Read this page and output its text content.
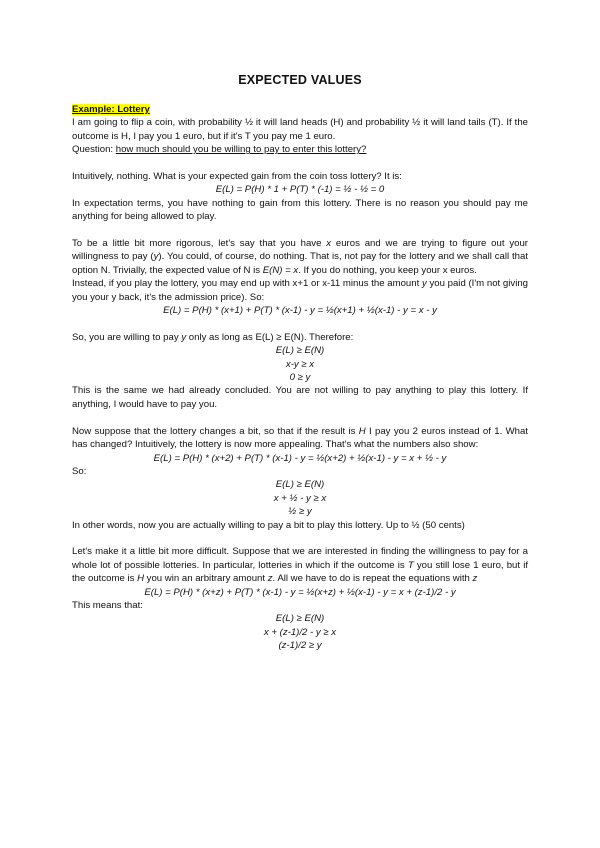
EXPECTED VALUES
Example: Lottery

I am going to flip a coin, with probability ½ it will land heads (H) and probability ½ it will land tails (T). If the outcome is H, I pay you 1 euro, but if it's T you pay me 1 euro.

Question: how much should you be willing to pay to enter this lottery?

Intuitively, nothing. What is your expected gain from the coin toss lottery? It is:

E(L) = P(H) * 1 + P(T) * (-1) = ½ - ½ = 0

In expectation terms, you have nothing to gain from this lottery. There is no reason you should pay me anything for being allowed to play.

To be a little bit more rigorous, let's say that you have x euros and we are trying to figure out your willingness to pay (y). You could, of course, do nothing. That is, not pay for the lottery and we shall call that option N. Trivially, the expected value of N is E(N) = x. If you do nothing, you keep your x euros.

Instead, if you play the lottery, you may end up with x+1 or x-11 minus the amount y you paid (I'm not giving you your y back, it's the admission price). So:

E(L) = P(H) * (x+1) + P(T) * (x-1) - y = ½(x+1) + ½(x-1) - y = x - y

So, you are willing to pay y only as long as E(L) ≥ E(N). Therefore:

E(L) ≥ E(N)

x-y ≥ x

0 ≥ y

This is the same we had already concluded. You are not willing to pay anything to play this lottery. If anything, I would have to pay you.

Now suppose that the lottery changes a bit, so that if the result is H I pay you 2 euros instead of 1. What has changed? Intuitively, the lottery is now more appealing. That's what the numbers also show:

E(L) = P(H) * (x+2) + P(T) * (x-1) - y = ½(x+2) + ½(x-1) - y = x + ½ - y

So:

E(L) ≥ E(N)

x + ½ - y ≥ x

½ ≥ y

In other words, now you are actually willing to pay a bit to play this lottery. Up to ½ (50 cents)

Let's make it a little bit more difficult. Suppose that we are interested in finding the willingness to pay for a whole lot of possible lotteries. In particular, lotteries in which if the outcome is T you still lose 1 euro, but if the outcome is H you win an arbitrary amount z. All we have to do is repeat the equations with z

E(L) = P(H) * (x+z) + P(T) * (x-1) - y = ½(x+z) + ½(x-1) - y = x + (z-1)/2 - y

This means that:

E(L) ≥ E(N)

x + (z-1)/2 - y ≥ x

(z-1)/2 ≥ y
